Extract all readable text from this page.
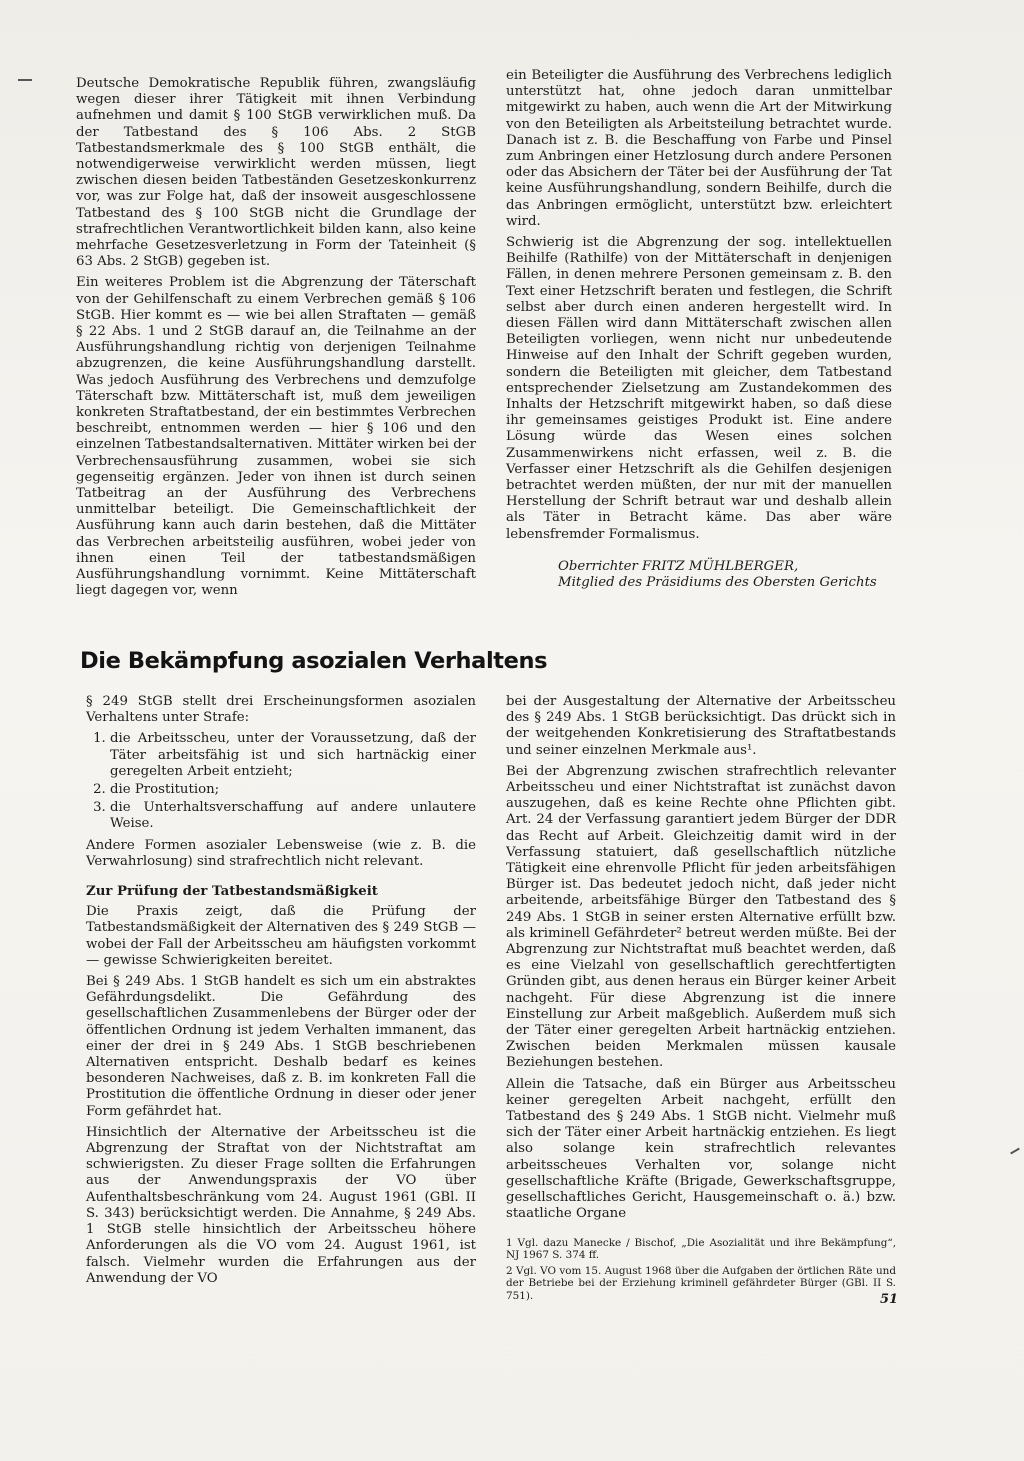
Deutsche Demokratische Republik führen, zwangsläufig wegen dieser ihrer Tätigkeit mit ihnen Verbindung aufnehmen und damit § 100 StGB verwirklichen muß. Da der Tatbestand des § 106 Abs. 2 StGB Tatbestandsmerkmale des § 100 StGB enthält, die notwendigerweise verwirklicht werden müssen, liegt zwischen diesen beiden Tatbeständen Gesetzeskonkurrenz vor, was zur Folge hat, daß der insoweit ausgeschlossene Tatbestand des § 100 StGB nicht die Grundlage der strafrechtlichen Verantwortlichkeit bilden kann, also keine mehrfache Gesetzesverletzung in Form der Tateinheit (§ 63 Abs. 2 StGB) gegeben ist.

Ein weiteres Problem ist die Abgrenzung der Täterschaft von der Gehilfenschaft zu einem Verbrechen gemäß § 106 StGB. Hier kommt es — wie bei allen Straftaten — gemäß § 22 Abs. 1 und 2 StGB darauf an, die Teilnahme an der Ausführungshandlung richtig von derjenigen Teilnahme abzugrenzen, die keine Ausführungshandlung darstellt. Was jedoch Ausführung des Verbrechens und demzufolge Täterschaft bzw. Mittäterschaft ist, muß dem jeweiligen konkreten Straftatbestand, der ein bestimmtes Verbrechen beschreibt, entnommen werden — hier § 106 und den einzelnen Tatbestandsalternativen. Mittäter wirken bei der Verbrechensausführung zusammen, wobei sie sich gegenseitig ergänzen. Jeder von ihnen ist durch seinen Tatbeitrag an der Ausführung des Verbrechens unmittelbar beteiligt. Die Gemeinschaftlichkeit der Ausführung kann auch darin bestehen, daß die Mittäter das Verbrechen arbeitsteilig ausführen, wobei jeder von ihnen einen Teil der tatbestandsmäßigen Ausführungshandlung vornimmt. Keine Mittäterschaft liegt dagegen vor, wenn

ein Beteiligter die Ausführung des Verbrechens lediglich unterstützt hat, ohne jedoch daran unmittelbar mitgewirkt zu haben, auch wenn die Art der Mitwirkung von den Beteiligten als Arbeitsteilung betrachtet wurde. Danach ist z. B. die Beschaffung von Farbe und Pinsel zum Anbringen einer Hetzlosung durch andere Personen oder das Absichern der Täter bei der Ausführung der Tat keine Ausführungshandlung, sondern Beihilfe, durch die das Anbringen ermöglicht, unterstützt bzw. erleichtert wird.

Schwierig ist die Abgrenzung der sog. intellektuellen Beihilfe (Rathilfe) von der Mittäterschaft in denjenigen Fällen, in denen mehrere Personen gemeinsam z. B. den Text einer Hetzschrift beraten und festlegen, die Schrift selbst aber durch einen anderen hergestellt wird. In diesen Fällen wird dann Mittäterschaft zwischen allen Beteiligten vorliegen, wenn nicht nur unbedeutende Hinweise auf den Inhalt der Schrift gegeben wurden, sondern die Beteiligten mit gleicher, dem Tatbestand entsprechender Zielsetzung am Zustandekommen des Inhalts der Hetzschrift mitgewirkt haben, so daß diese ihr gemeinsames geistiges Produkt ist. Eine andere Lösung würde das Wesen eines solchen Zusammenwirkens nicht erfassen, weil z. B. die Verfasser einer Hetzschrift als die Gehilfen desjenigen betrachtet werden müßten, der nur mit der manuellen Herstellung der Schrift betraut war und deshalb allein als Täter in Betracht käme. Das aber wäre lebensfremder Formalismus.

Oberrichter FRITZ MÜHLBERGER,
Mitglied des Präsidiums des Obersten Gerichts
Die Bekämpfung asozialen Verhaltens

§ 249 StGB stellt drei Erscheinungsformen asozialen Verhaltens unter Strafe:

1. die Arbeitsscheu, unter der Voraussetzung, daß der Täter arbeitsfähig ist und sich hartnäckig einer geregelten Arbeit entzieht;
2. die Prostitution;
3. die Unterhaltsverschaffung auf andere unlautere Weise.

Andere Formen asozialer Lebensweise (wie z. B. die Verwahrlosung) sind strafrechtlich nicht relevant.

Zur Prüfung der Tatbestandsmäßigkeit

Die Praxis zeigt, daß die Prüfung der Tatbestandsmäßigkeit der Alternativen des § 249 StGB — wobei der Fall der Arbeitsscheu am häufigsten vorkommt — gewisse Schwierigkeiten bereitet.

Bei § 249 Abs. 1 StGB handelt es sich um ein abstraktes Gefährdungsdelikt. Die Gefährdung des gesellschaftlichen Zusammenlebens der Bürger oder der öffentlichen Ordnung ist jedem Verhalten immanent, das einer der drei in § 249 Abs. 1 StGB beschriebenen Alternativen entspricht. Deshalb bedarf es keines besonderen Nachweises, daß z. B. im konkreten Fall die Prostitution die öffentliche Ordnung in dieser oder jener Form gefährdet hat.

Hinsichtlich der Alternative der Arbeitsscheu ist die Abgrenzung der Straftat von der Nichtstraftat am schwierigsten. Zu dieser Frage sollten die Erfahrungen aus der Anwendungspraxis der VO über Aufenthaltsbeschränkung vom 24. August 1961 (GBl. II S. 343) berücksichtigt werden. Die Annahme, § 249 Abs. 1 StGB stelle hinsichtlich der Arbeitsscheu höhere Anforderungen als die VO vom 24. August 1961, ist falsch. Vielmehr wurden die Erfahrungen aus der Anwendung der VO

bei der Ausgestaltung der Alternative der Arbeitsscheu des § 249 Abs. 1 StGB berücksichtigt. Das drückt sich in der weitgehenden Konkretisierung des Straftatbestands und seiner einzelnen Merkmale aus¹.

Bei der Abgrenzung zwischen strafrechtlich relevanter Arbeitsscheu und einer Nichtstraftat ist zunächst davon auszugehen, daß es keine Rechte ohne Pflichten gibt. Art. 24 der Verfassung garantiert jedem Bürger der DDR das Recht auf Arbeit. Gleichzeitig damit wird in der Verfassung statuiert, daß gesellschaftlich nützliche Tätigkeit eine ehrenvolle Pflicht für jeden arbeitsfähigen Bürger ist. Das bedeutet jedoch nicht, daß jeder nicht arbeitende, arbeitsfähige Bürger den Tatbestand des § 249 Abs. 1 StGB in seiner ersten Alternative erfüllt bzw. als kriminell Gefährdeter² betreut werden müßte. Bei der Abgrenzung zur Nichtstraftat muß beachtet werden, daß es eine Vielzahl von gesellschaftlich gerechtfertigten Gründen gibt, aus denen heraus ein Bürger keiner Arbeit nachgeht. Für diese Abgrenzung ist die innere Einstellung zur Arbeit maßgeblich. Außerdem muß sich der Täter einer geregelten Arbeit hartnäckig entziehen. Zwischen beiden Merkmalen müssen kausale Beziehungen bestehen.

Allein die Tatsache, daß ein Bürger aus Arbeitsscheu keiner geregelten Arbeit nachgeht, erfüllt den Tatbestand des § 249 Abs. 1 StGB nicht. Vielmehr muß sich der Täter einer Arbeit hartnäckig entziehen. Es liegt also solange kein strafrechtlich relevantes arbeitsscheues Verhalten vor, solange nicht gesellschaftliche Kräfte (Brigade, Gewerkschaftsgruppe, gesellschaftliches Gericht, Hausgemeinschaft o. ä.) bzw. staatliche Organe

1 Vgl. dazu Manecke / Bischof, „Die Asozialität und ihre Bekämpfung“, NJ 1967 S. 374 ff.

2 Vgl. VO vom 15. August 1968 über die Aufgaben der örtlichen Räte und der Betriebe bei der Erziehung kriminell gefährdeter Bürger (GBl. II S. 751).	51
